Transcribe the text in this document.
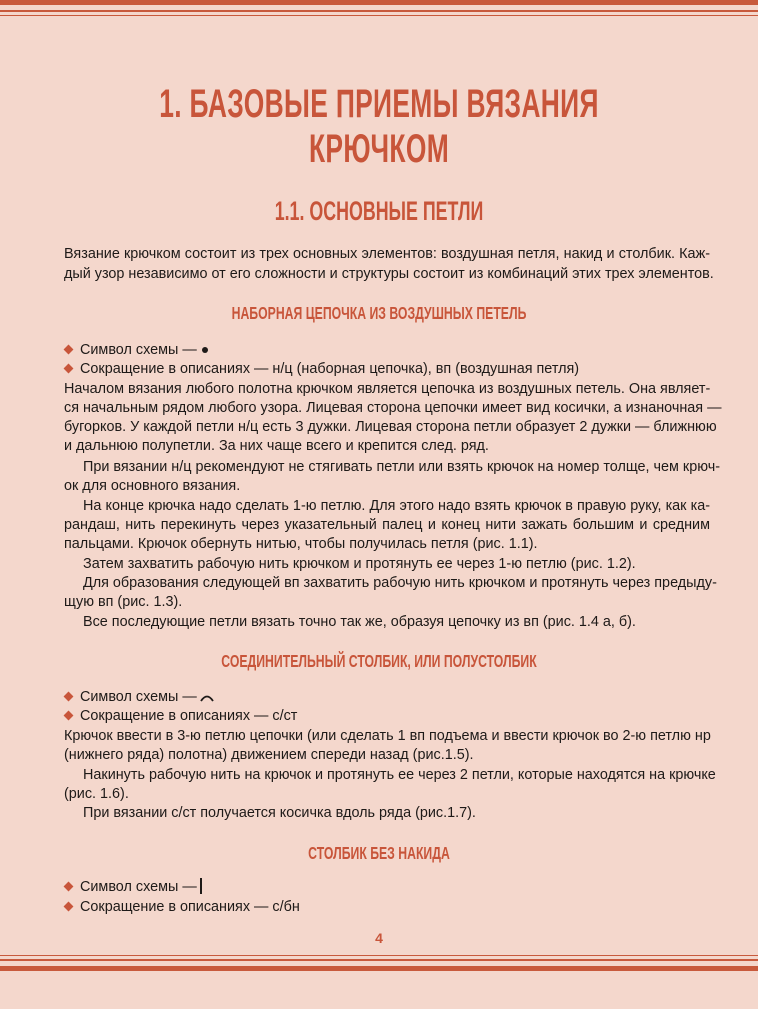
1. БАЗОВЫЕ ПРИЕМЫ ВЯЗАНИЯ КРЮЧКОМ
1.1. ОСНОВНЫЕ ПЕТЛИ
Вязание крючком состоит из трех основных элементов: воздушная петля, накид и столбик. Каж-
дый узор независимо от его сложности и структуры состоит из комбинаций этих трех элементов.
НАБОРНАЯ ЦЕПОЧКА ИЗ ВОЗДУШНЫХ ПЕТЕЛЬ
Символ схемы —
Сокращение в описаниях — н/ц (наборная цепочка), вп (воздушная петля)
Началом вязания любого полотна крючком является цепочка из воздушных петель. Она являет-
ся начальным рядом любого узора. Лицевая сторона цепочки имеет вид косички, а изнаночная —
бугорков. У каждой петли н/ц есть 3 дужки. Лицевая сторона петли образует 2 дужки — ближнюю
и дальнюю полупетли. За них чаще всего и крепится след. ряд.
При вязании н/ц рекомендуют не стягивать петли или взять крючок на номер толще, чем крюч-
ок для основного вязания.
На конце крючка надо сделать 1-ю петлю. Для этого надо взять крючок в правую руку, как ка-
рандаш, нить перекинуть через указательный палец и конец нити зажать большим и средним
пальцами. Крючок обернуть нитью, чтобы получилась петля (рис. 1.1).
Затем захватить рабочую нить крючком и протянуть ее через 1-ю петлю (рис. 1.2).
Для образования следующей вп захватить рабочую нить крючком и протянуть через предыду-
щую вп (рис. 1.3).
Все последующие петли вязать точно так же, образуя цепочку из вп (рис. 1.4 а, б).
СОЕДИНИТЕЛЬНЫЙ СТОЛБИК, ИЛИ ПОЛУСТОЛБИК
Символ схемы —
Сокращение в описаниях — с/ст
Крючок ввести в 3-ю петлю цепочки (или сделать 1 вп подъема и ввести крючок во 2-ю петлю нр
(нижнего ряда) полотна) движением спереди назад (рис.1.5).
Накинуть рабочую нить на крючок и протянуть ее через 2 петли, которые находятся на крючке
(рис. 1.6).
При вязании с/ст получается косичка вдоль ряда (рис.1.7).
СТОЛБИК БЕЗ НАКИДА
Символ схемы —
Сокращение в описаниях — с/бн
4
